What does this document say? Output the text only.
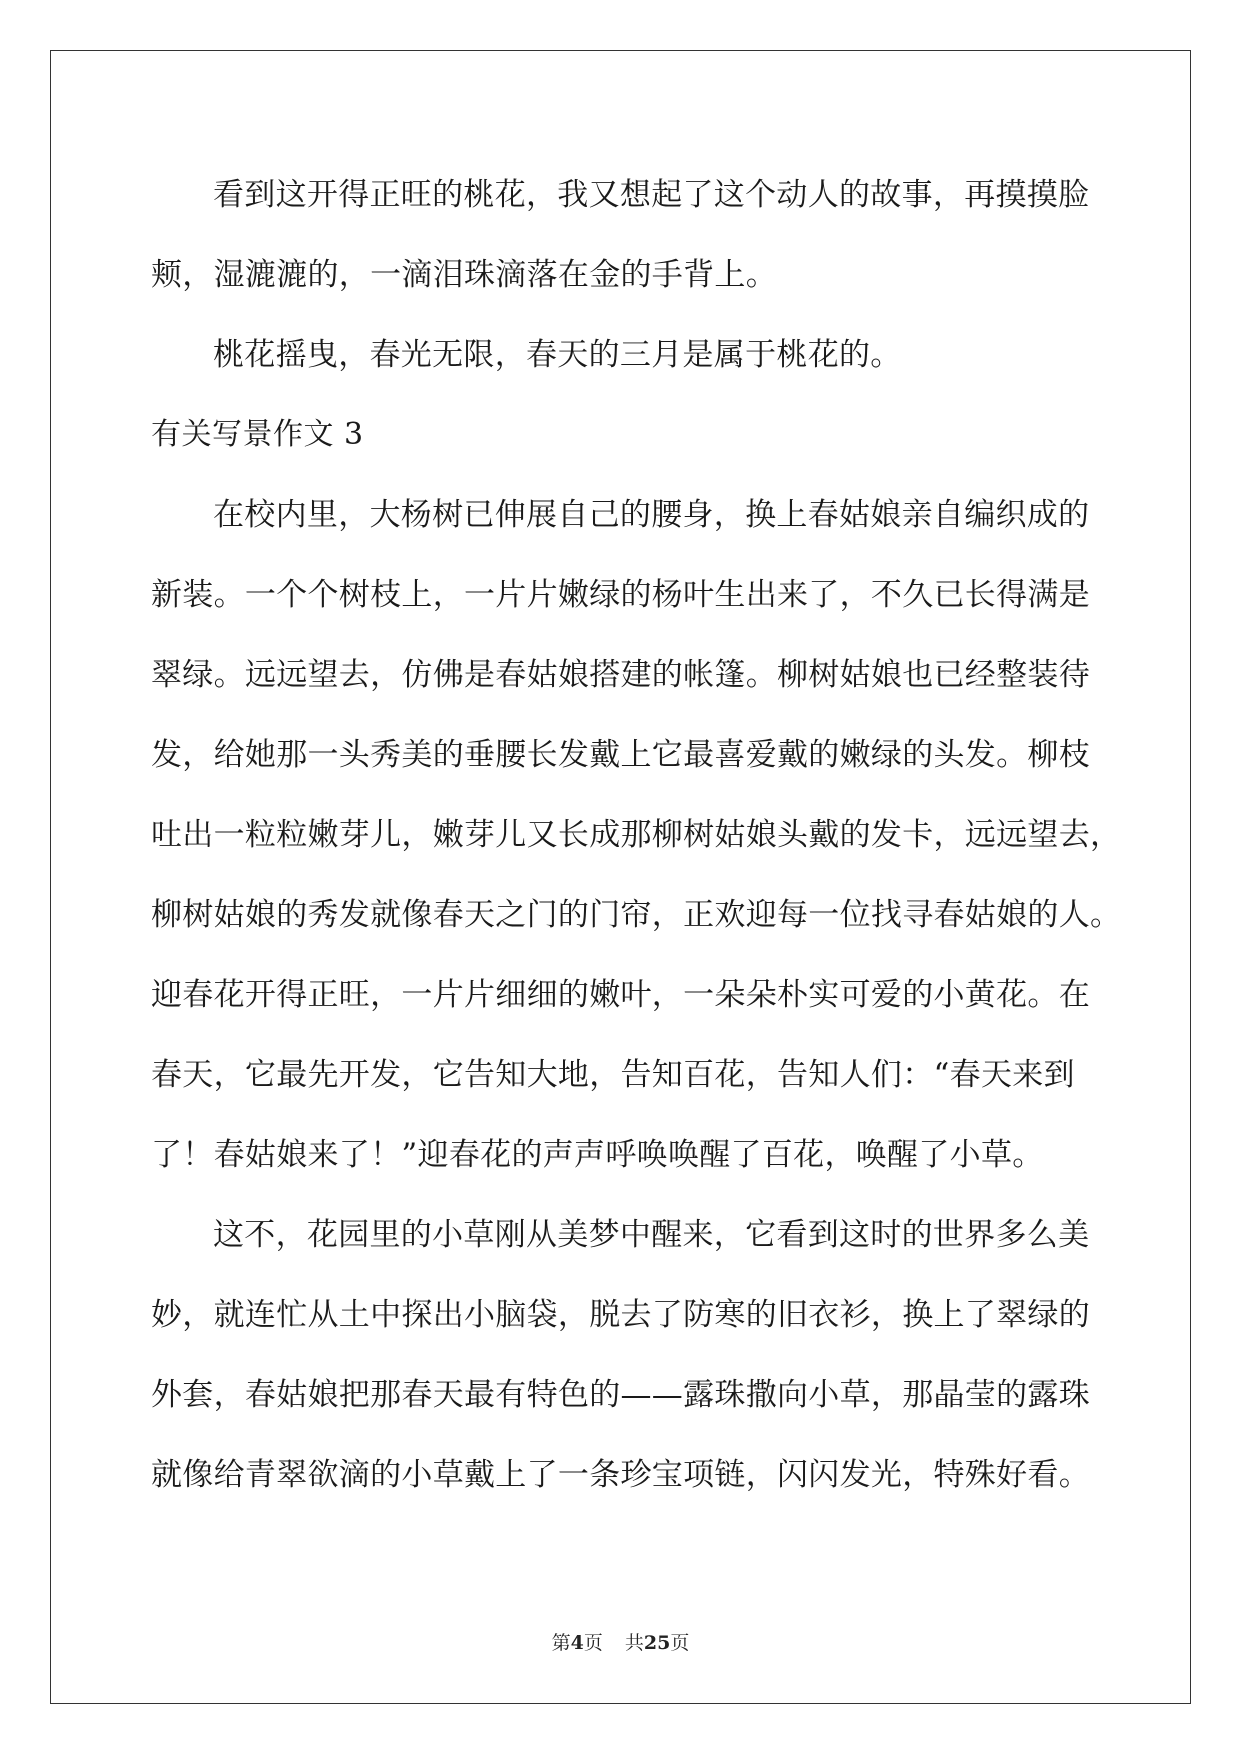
看到这开得正旺的桃花，我又想起了这个动人的故事，再摸摸脸
颊，湿漉漉的，一滴泪珠滴落在金的手背上。
桃花摇曳，春光无限，春天的三月是属于桃花的。
有关写景作文 3
在校内里，大杨树已伸展自己的腰身，换上春姑娘亲自编织成的
新装。一个个树枝上，一片片嫩绿的杨叶生出来了，不久已长得满是
翠绿。远远望去，仿佛是春姑娘搭建的帐篷。柳树姑娘也已经整装待
发，给她那一头秀美的垂腰长发戴上它最喜爱戴的嫩绿的头发。柳枝
吐出一粒粒嫩芽儿，嫩芽儿又长成那柳树姑娘头戴的发卡，远远望去，
柳树姑娘的秀发就像春天之门的门帘，正欢迎每一位找寻春姑娘的人。
迎春花开得正旺，一片片细细的嫩叶，一朵朵朴实可爱的小黄花。在
春天，它最先开发，它告知大地，告知百花，告知人们：“春天来到
了！春姑娘来了！”迎春花的声声呼唤唤醒了百花，唤醒了小草。
这不，花园里的小草刚从美梦中醒来，它看到这时的世界多么美
妙，就连忙从土中探出小脑袋，脱去了防寒的旧衣衫，换上了翠绿的
外套，春姑娘把那春天最有特色的——露珠撒向小草，那晶莹的露珠
就像给青翠欲滴的小草戴上了一条珍宝项链，闪闪发光，特殊好看。
第4页 共25页
